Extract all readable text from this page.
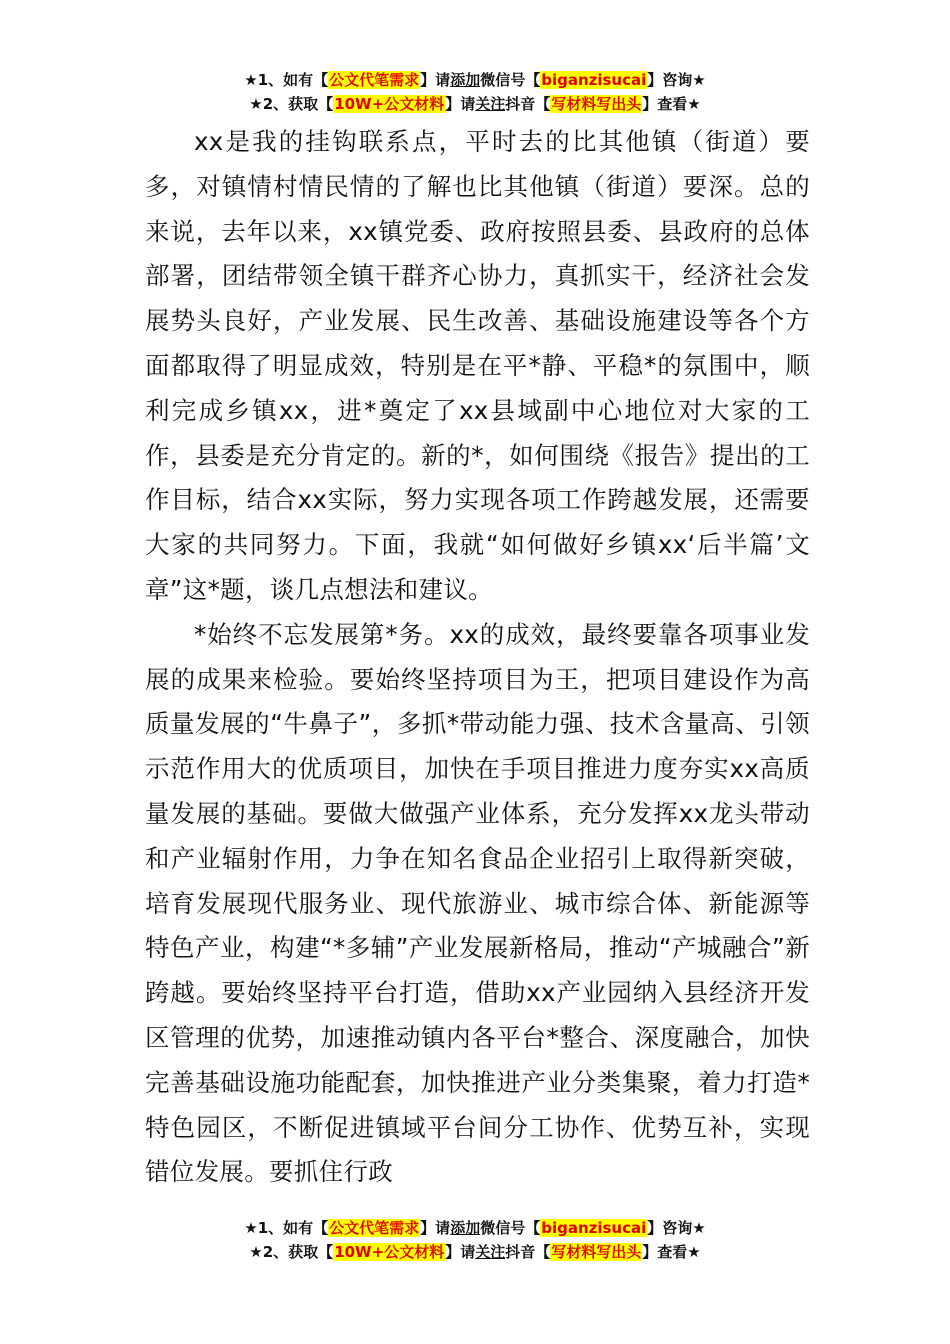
★1、如有【公文代笔需求】请添加微信号【biganzisucai】咨询★
★2、获取【10W+公文材料】请关注抖音【写材料写出头】查看★

xx是我的挂钩联系点，平时去的比其他镇（街道）要多，对镇情村情民情的了解也比其他镇（街道）要深。总的来说，去年以来，xx镇党委、政府按照县委、县政府的总体部署，团结带领全镇干群齐心协力，真抓实干，经济社会发展势头良好，产业发展、民生改善、基础设施建设等各个方面都取得了明显成效，特别是在平*静、平稳*的氛围中，顺利完成乡镇xx，进*奠定了xx县域副中心地位对大家的工作，县委是充分肯定的。新的*，如何围绕《报告》提出的工作目标，结合xx实际，努力实现各项工作跨越发展，还需要大家的共同努力。下面，我就“如何做好乡镇xx‘后半篇’文章”这*题，谈几点想法和建议。

*始终不忘发展第*务。xx的成效，最终要靠各项事业发展的成果来检验。要始终坚持项目为王，把项目建设作为高质量发展的“牛鼻子”，多抓*带动能力强、技术含量高、引领示范作用大的优质项目，加快在手项目推进力度夯实xx高质量发展的基础。要做大做强产业体系，充分发挥xx龙头带动和产业辐射作用，力争在知名食品企业招引上取得新突破，培育发展现代服务业、现代旅游业、城市综合体、新能源等特色产业，构建“*多辅”产业发展新格局，推动“产城融合”新跨越。要始终坚持平台打造，借助xx产业园纳入县经济开发区管理的优势，加速推动镇内各平台*整合、深度融合，加快完善基础设施功能配套，加快推进产业分类集聚，着力打造*特色园区，不断促进镇域平台间分工协作、优势互补，实现错位发展。要抓住行政

★1、如有【公文代笔需求】请添加微信号【biganzisucai】咨询★
★2、获取【10W+公文材料】请关注抖音【写材料写出头】查看★
